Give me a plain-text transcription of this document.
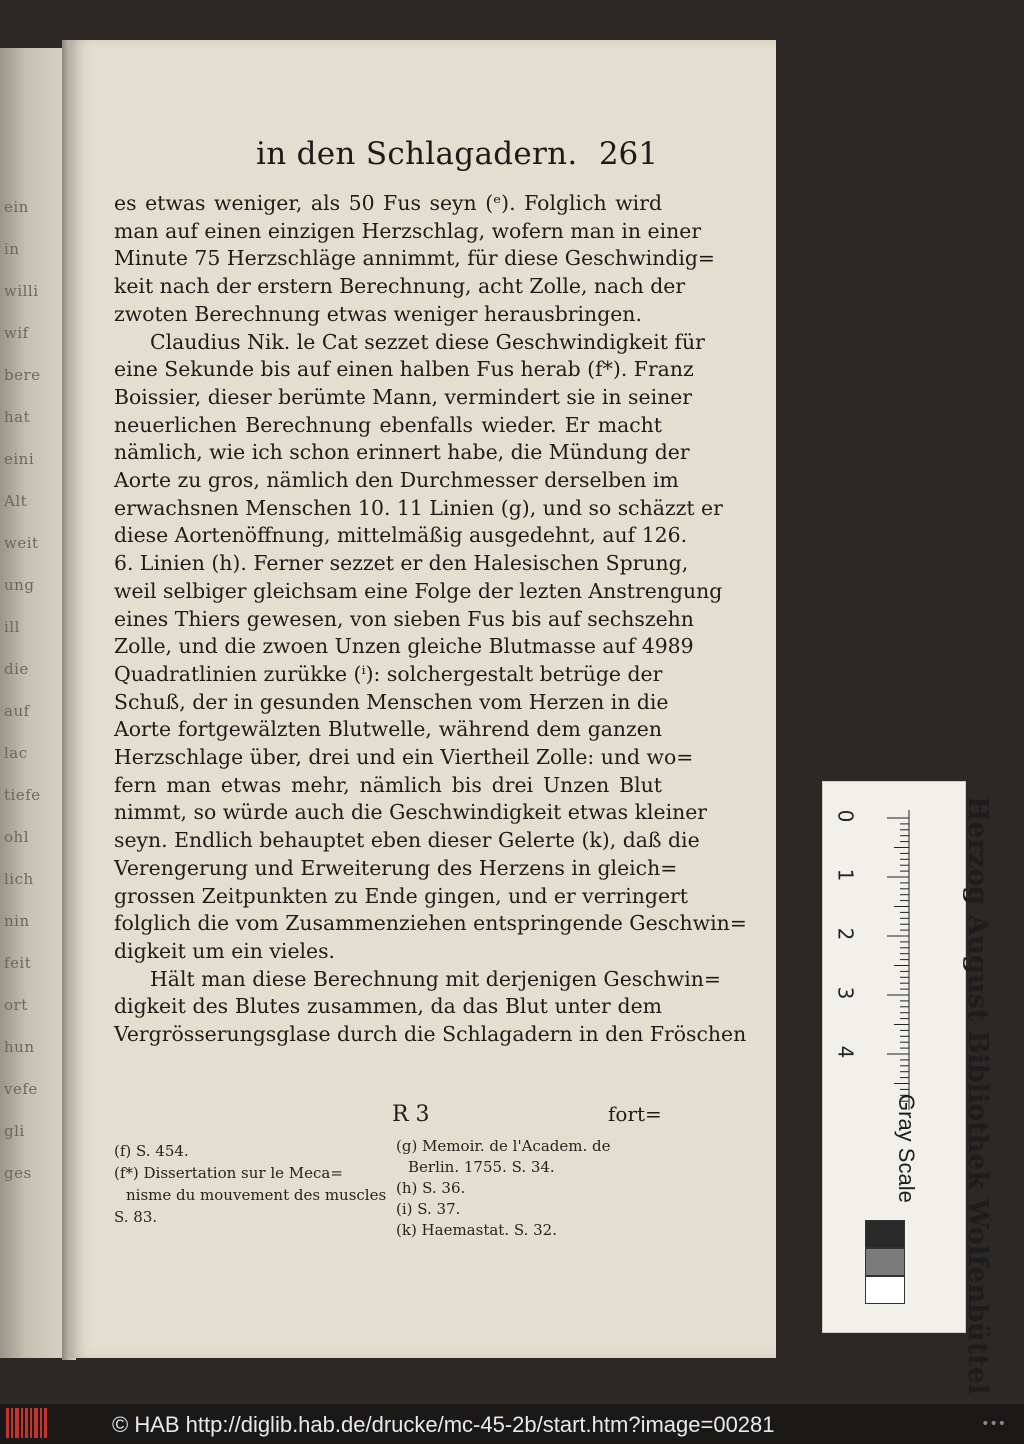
ein
in
willi
wif
bere
hat
eini
Alt
weit
ung
ill
die
auf
lac
tiefe
ohl
lich
nin
feit
ort
hun
vefe
gli
ges
in den Schlagadern. 261
es etwas weniger, als 50 Fus seyn (ᵉ). Folglich wird
man auf einen einzigen Herzschlag, wofern man in einer
Minute 75 Herzschläge annimmt, für diese Geschwindig=
keit nach der erstern Berechnung, acht Zolle, nach der
zwoten Berechnung etwas weniger herausbringen.
Claudius Nik. le Cat sezzet diese Geschwindigkeit für
eine Sekunde bis auf einen halben Fus herab (f*). Franz
Boissier, dieser berümte Mann, vermindert sie in seiner
neuerlichen Berechnung ebenfalls wieder. Er macht
nämlich, wie ich schon erinnert habe, die Mündung der
Aorte zu gros, nämlich den Durchmesser derselben im
erwachsnen Menschen 10. 11 Linien (g), und so schäzzt er
diese Aortenöffnung, mittelmäßig ausgedehnt, auf 126.
6. Linien (h). Ferner sezzet er den Halesischen Sprung,
weil selbiger gleichsam eine Folge der lezten Anstrengung
eines Thiers gewesen, von sieben Fus bis auf sechszehn
Zolle, und die zwoen Unzen gleiche Blutmasse auf 4989
Quadratlinien zurükke (ⁱ): solchergestalt betrüge der
Schuß, der in gesunden Menschen vom Herzen in die
Aorte fortgewälzten Blutwelle, während dem ganzen
Herzschlage über, drei und ein Viertheil Zolle: und wo=
fern man etwas mehr, nämlich bis drei Unzen Blut
nimmt, so würde auch die Geschwindigkeit etwas kleiner
seyn. Endlich behauptet eben dieser Gelerte (k), daß die
Verengerung und Erweiterung des Herzens in gleich=
grossen Zeitpunkten zu Ende gingen, und er verringert
folglich die vom Zusammenziehen entspringende Geschwin=
digkeit um ein vieles.
Hält man diese Berechnung mit derjenigen Geschwin=
digkeit des Blutes zusammen, da das Blut unter dem
Vergrösserungsglase durch die Schlagadern in den Fröschen
R 3	fort=
(f) S. 454.
(f*) Dissertation sur le Meca=
nisme du mouvement des muscles
S. 83.
(g) Memoir. de l'Academ. de
Berlin. 1755. S. 34.
(h) S. 36.
(i) S. 37.
(k) Haemastat. S. 32.
0
1
2
3
4	Herzog August Bibliothek Wolfenbüttel
Gray Scale
© HAB http://diglib.hab.de/drucke/mc-45-2b/start.htm?image=00281	•••
